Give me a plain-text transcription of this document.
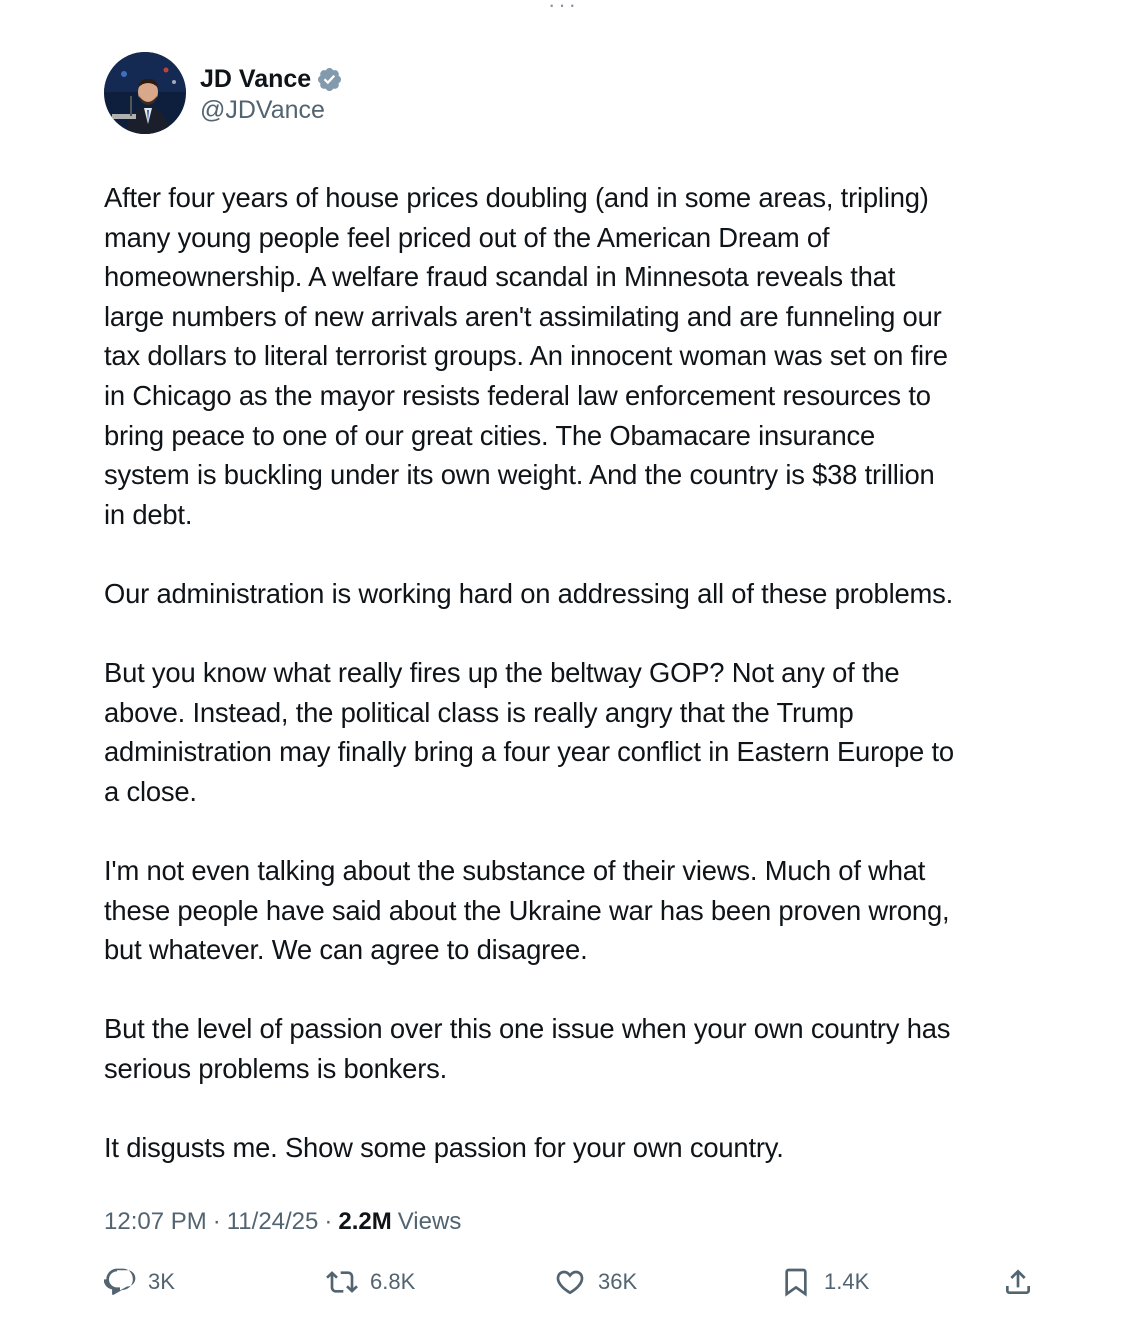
···
JD Vance
@JDVance

After four years of house prices doubling (and in some areas, tripling)
many young people feel priced out of the American Dream of
homeownership. A welfare fraud scandal in Minnesota reveals that
large numbers of new arrivals aren't assimilating and are funneling our
tax dollars to literal terrorist groups. An innocent woman was set on fire
in Chicago as the mayor resists federal law enforcement resources to
bring peace to one of our great cities. The Obamacare insurance
system is buckling under its own weight. And the country is $38 trillion
in debt.

Our administration is working hard on addressing all of these problems.

But you know what really fires up the beltway GOP? Not any of the
above. Instead, the political class is really angry that the Trump
administration may finally bring a four year conflict in Eastern Europe to
a close.

I'm not even talking about the substance of their views. Much of what
these people have said about the Ukraine war has been proven wrong,
but whatever. We can agree to disagree.

But the level of passion over this one issue when your own country has
serious problems is bonkers.

It disgusts me. Show some passion for your own country.

12:07 PM · 11/24/25 · 2.2M Views
3K	6.8K	36K	1.4K
